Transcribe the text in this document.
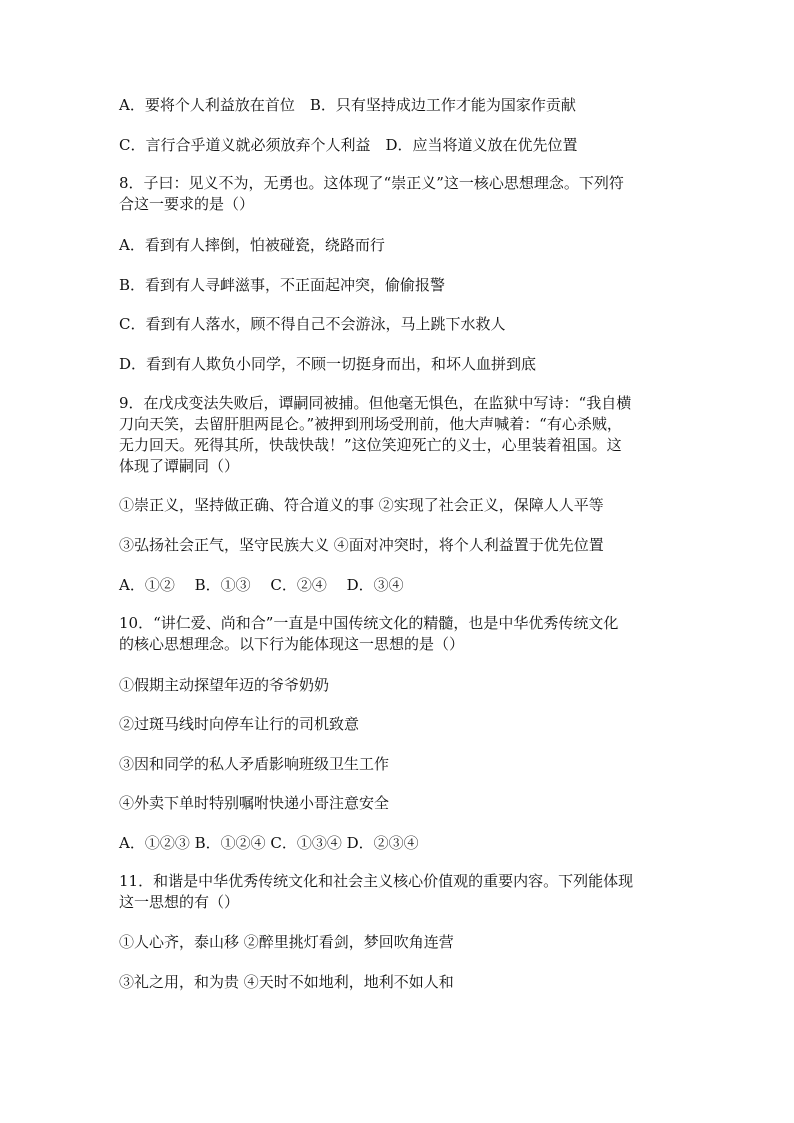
A．要将个人利益放在首位　B．只有坚持成边工作才能为国家作贡献
C．言行合乎道义就必须放弃个人利益　D．应当将道义放在优先位置
8．子曰：见义不为，无勇也。这体现了“崇正义”这一核心思想理念。下列符
合这一要求的是（）
A．看到有人摔倒，怕被碰瓷，绕路而行
B．看到有人寻衅滋事，不正面起冲突，偷偷报警
C．看到有人落水，顾不得自己不会游泳，马上跳下水救人
D．看到有人欺负小同学，不顾一切挺身而出，和坏人血拼到底
9．在戊戌变法失败后，谭嗣同被捕。但他毫无惧色，在监狱中写诗：“我自横
刀向天笑，去留肝胆两昆仑。”被押到刑场受刑前，他大声喊着：“有心杀贼，
无力回天。死得其所，快哉快哉！”这位笑迎死亡的义士，心里装着祖国。这
体现了谭嗣同（）
①崇正义，坚持做正确、符合道义的事 ②实现了社会正义，保障人人平等
③弘扬社会正气，坚守民族大义 ④面对冲突时，将个人利益置于优先位置
A．①②　 B．①③　 C．②④　 D．③④
10．“讲仁爱、尚和合”一直是中国传统文化的精髓，也是中华优秀传统文化
的核心思想理念。以下行为能体现这一思想的是（）
①假期主动探望年迈的爷爷奶奶
②过斑马线时向停车让行的司机致意
③因和同学的私人矛盾影响班级卫生工作
④外卖下单时特别嘱咐快递小哥注意安全
A．①②③ B．①②④ C．①③④ D．②③④
11．和谐是中华优秀传统文化和社会主义核心价值观的重要内容。下列能体现
这一思想的有（）
①人心齐，泰山移 ②醉里挑灯看剑，梦回吹角连营
③礼之用，和为贵 ④天时不如地利，地利不如人和
